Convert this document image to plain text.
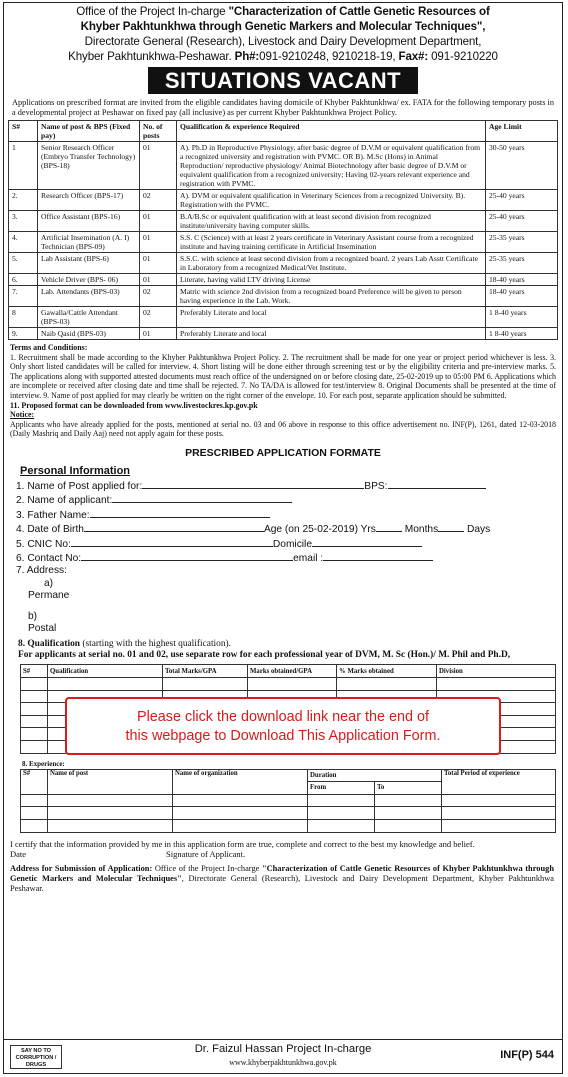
Office of the Project In-charge "Characterization of Cattle Genetic Resources of
Khyber Pakhtunkhwa through Genetic Markers and Molecular Techniques",
Directorate General (Research), Livestock and Dairy Development Department,
Khyber Pakhtunkhwa-Peshawar. Ph#:091-9210248, 9210218-19, Fax#: 091-9210220
SITUATIONS VACANT
Applications on prescribed format are invited from the eligible candidates having domicile of Khyber Pakhtunkhwa/ ex. FATA for the following temporary posts in a developmental project at Peshawar on fixed pay (all inclusive) as per current Khyber Pakhtunkhwa Project Policy.
S#	Name of post & BPS (Fixed pay)	No. of posts	Qualification & experience Required	Age Limit
1	Senior Research Officer (Embryo Transfer Technology) (BPS-18)	01	A). Ph.D in Reproductive Physiology, after basic degree of D.V.M or equivalent qualification from a recognized university and registration with PVMC. OR B). M.Sc (Hons) in Animal Reproduction/ reproductive physiology/ Animal Biotechnology after basic degree of D.V.M or equivalent qualification from a recognized university; Having 02-years relevant experience and registration with PVMC.	30-50 years
2.	Research Officer (BPS-17)	02	A). DVM or equivalent qualification in Veterinary Sciences from a recognized University. B). Registration with the PVMC.	25-40 years
3.	Office Assistant (BPS-16)	01	B.A/B.Sc or equivalent qualification with at least second division from recognized institute/university having computer skills.	25-40 years
4.	Artificial Insemination (A. I) Technician (BPS-09)	01	S.S. C (Science) with at least 2 years certificate in Veterinary Assistant course from a recognized institute and having training certificate in Artificial Insemination	25-35 years
5.	Lab Assistant (BPS-6)	01	S.S.C. with science at least second division from a recognized board. 2 years Lab Asstt Certificate in Laboratory from a recognized Medical/Vet Institute.	25-35 years
6.	Vehicle Driver (BPS- 06)	01	Literate, having valid LTV driving License	18-40 years
7.	Lab. Attendants (BPS-03)	02	Matric with science 2nd division from a recognized board Preference will be given to person having experience in the Lab. Work.	18-40 years
8	Gawalla/Cattle Attendant (BPS-03)	02	Preferably Literate and local	1 8-40 years
9.	Naib Qasid (BPS-03)	01	Preferably Literate and local	1 8-40 years
Terms and Conditions:
1. Recruitment shall be made according to the Khyber Pakhtunkhwa Project Policy. 2. The recruitment shall be made for one year or project period whichever is less. 3. Only short listed candidates will be called for interview. 4. Short listing will be done either through screening test or by the eligibility criteria and pre-interview marks. 5. The applications along with supported attested documents must reach office of the undersigned on or before closing date, 25-02-2019 up to 05:00 PM 6. Applications which are incomplete or received after closing date and time shall be rejected. 7. No TA/DA is allowed for test/interview 8. Original Documents shall be presented at the time of interview. 9. Name of post applied for may clearly be written on the right corner of the envelope. 10. For each post, separate application should be submitted.
11. Proposed format can be downloaded from www.livestockres.kp.gov.pk
Notice:
Applicants who have already applied for the posts, mentioned at serial no. 03 and 06 above in response to this office advertisement no. INF(P), 1261, dated 12-03-2018 (Daily Mashriq and Daily Aaj) need not apply again for these posts.
PRESCRIBED APPLICATION FORMATE
Personal Information
1. Name of Post applied for:	BPS:
2. Name of applicant:
3. Father Name:
4. Date of Birth	Age (on 25-02-2019) Yrs	Months	Days
5. CNIC No:	Domicile
6. Contact No:	email :
7. Address:
a)
Permane
b)
Postal
8. Qualification (starting with the highest qualification).
For applicants at serial no. 01 and 02, use separate row for each professional year of DVM, M. Sc (Hon.)/ M. Phil and Ph.D,
S#	Qualification	Total Marks/GPA	Marks obtained/GPA	% Marks obtained	Division

8. Experience:
S#	Name of post	Name of organization	Duration		Total Period of experience
			From	To	

I certify that the information provided by me in this application form are true, complete and correct to the best my knowledge and belief.
Date	Signature of Applicant.
Address for Submission of Application: Office of the Project In-charge "Characterization of Cattle Genetic Resources of Khyber Pakhtunkhwa through Genetic Markers and Molecular Techniques", Directorate General (Research), Livestock and Dairy Development Department, Khyber Pakhtunkhwa Peshawar.
SAY NO TO CORRUPTION / DRUGS
Dr. Faizul Hassan Project In-charge
www.khyberpakhtunkhwa.gov.pk
INF(P) 544
Please click the download link near the end of
this webpage to Download This Application Form.
